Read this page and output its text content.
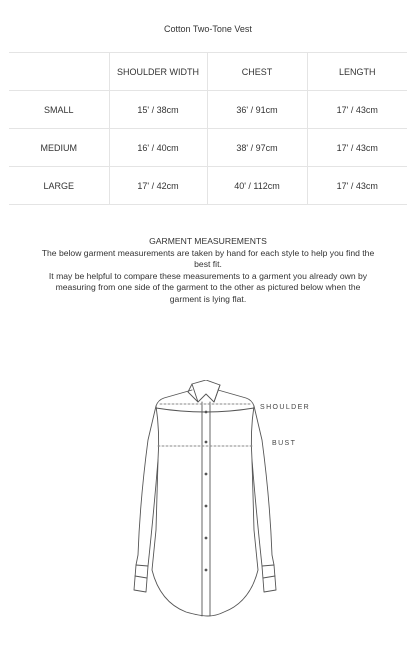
Cotton Two-Tone Vest
	SHOULDER WIDTH	CHEST	LENGTH
SMALL	15' / 38cm	36' / 91cm	17' / 43cm
MEDIUM	16' / 40cm	38' / 97cm	17' / 43cm
LARGE	17' / 42cm	40' / 112cm	17' / 43cm
GARMENT MEASUREMENTS

The below garment measurements are taken by hand for each style to help you find the best fit.

It may be helpful to compare these measurements to a garment you already own by measuring from one side of the garment to the other as pictured below when the garment is lying flat.

SHOULDER
BUST
